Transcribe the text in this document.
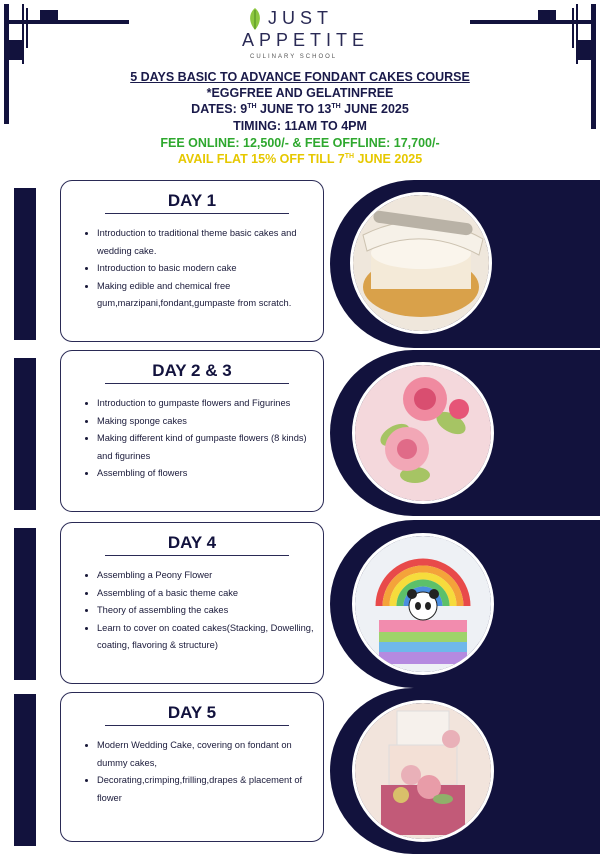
JUST
APPETITE
CULINARY SCHOOL
5 DAYS BASIC TO ADVANCE FONDANT CAKES COURSE
*EGGFREE AND GELATINFREE
DATES: 9TH JUNE TO 13TH JUNE 2025
TIMING: 11AM TO 4PM
FEE ONLINE: 12,500/- & FEE OFFLINE: 17,700/-
AVAIL FLAT 15% OFF TILL 7TH JUNE 2025
DAY 1
• Introduction to traditional theme basic cakes and wedding cake.
• Introduction to basic modern cake
• Making edible and chemical free gum,marzipani,fondant,gumpaste from scratch.
DAY 2 & 3
• Introduction to gumpaste flowers and Figurines
• Making sponge cakes
• Making different kind of gumpaste flowers (8 kinds) and figurines
• Assembling of flowers
DAY 4
• Assembling a Peony Flower
• Assembling of a basic theme cake
• Theory of assembling the cakes
• Learn to cover on coated cakes(Stacking, Dowelling, coating, flavoring & structure)
DAY 5
• Modern Wedding Cake, covering on fondant on dummy cakes,
• Decorating,crimping,frilling,drapes & placement of flower
